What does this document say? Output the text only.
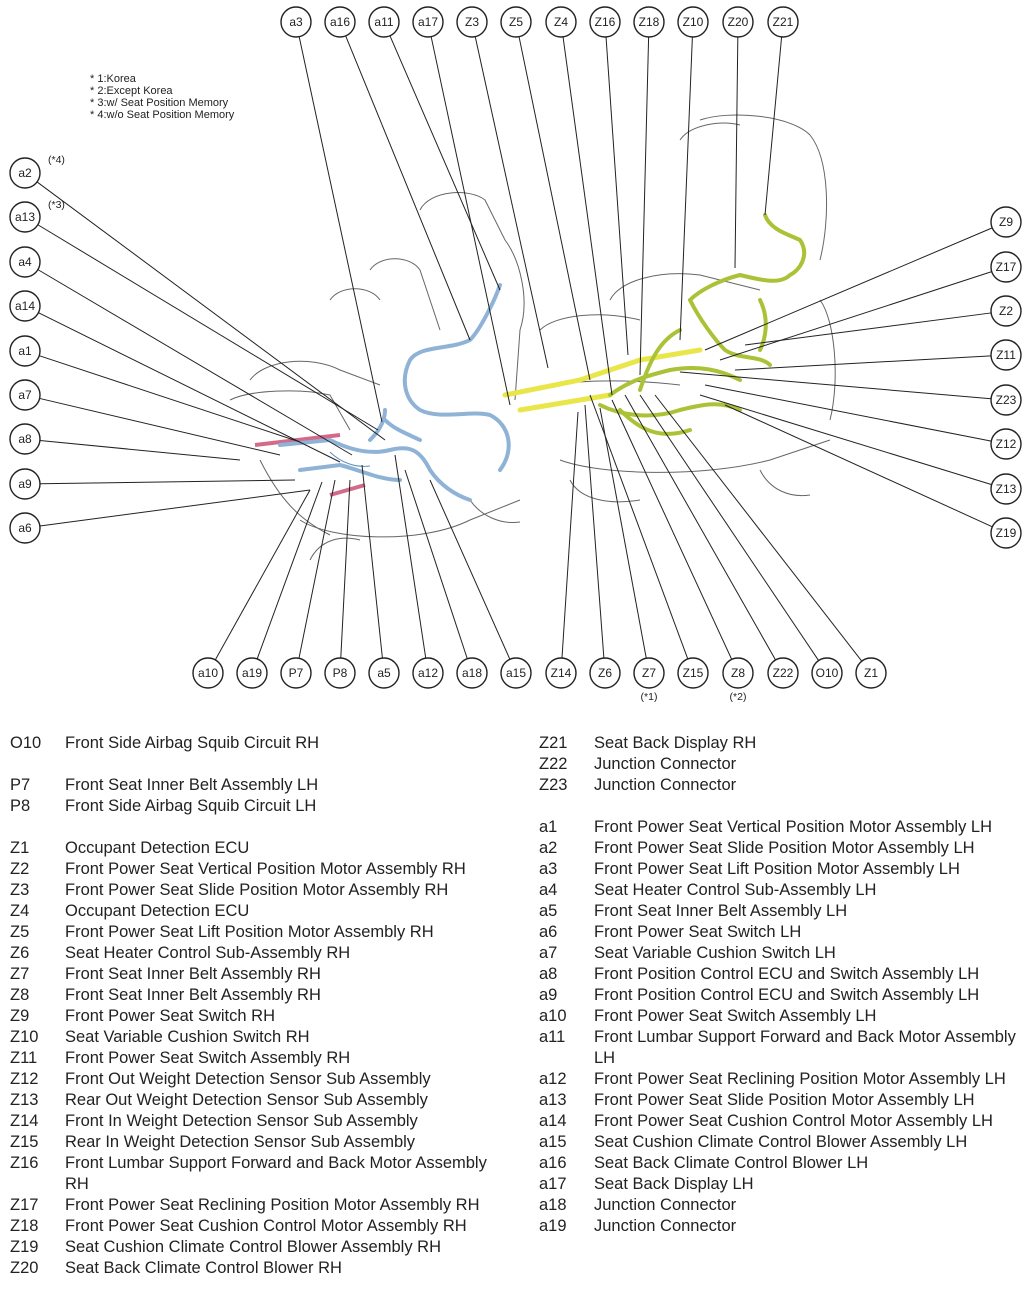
* 1:Korea
* 2:Except Korea
* 3:w/ Seat Position Memory
* 4:w/o Seat Position Memory
a3 a16 a11 a17 Z3 Z5	Z4 Z16 Z18 Z10 Z20 Z21
a2
a13
a4
a14
a1
a7
a8
a9
a6
Z9
Z17
Z2
Z11
Z23
Z12
Z13
Z19
a10 a19 P7 P8 a5 a12 a18 a15 Z14 Z6 Z7 Z15 Z8 Z22 O10 Z1
(*4)
(*3)
(*1)	(*2)
O10	Front Side Airbag Squib Circuit RH
P7	Front Seat Inner Belt Assembly LH
P8	Front Side Airbag Squib Circuit LH
Z1	Occupant Detection ECU
Z2	Front Power Seat Vertical Position Motor Assembly RH
Z3	Front Power Seat Slide Position Motor Assembly RH
Z4	Occupant Detection ECU
Z5	Front Power Seat Lift Position Motor Assembly RH
Z6	Seat Heater Control Sub-Assembly RH
Z7	Front Seat Inner Belt Assembly RH
Z8	Front Seat Inner Belt Assembly RH
Z9	Front Power Seat Switch RH
Z10	Seat Variable Cushion Switch RH
Z11	Front Power Seat Switch Assembly RH
Z12	Front Out Weight Detection Sensor Sub Assembly
Z13	Rear Out Weight Detection Sensor Sub Assembly
Z14	Front In Weight Detection Sensor Sub Assembly
Z15	Rear In Weight Detection Sensor Sub Assembly
Z16	Front Lumbar Support Forward and Back Motor Assembly RH
Z17	Front Power Seat Reclining Position Motor Assembly RH
Z18	Front Power Seat Cushion Control Motor Assembly RH
Z19	Seat Cushion Climate Control Blower Assembly RH
Z20	Seat Back Climate Control Blower RH
Z21	Seat Back Display RH
Z22	Junction Connector
Z23	Junction Connector
a1	Front Power Seat Vertical Position Motor Assembly LH
a2	Front Power Seat Slide Position Motor Assembly LH
a3	Front Power Seat Lift Position Motor Assembly LH
a4	Seat Heater Control Sub-Assembly LH
a5	Front Seat Inner Belt Assembly LH
a6	Front Power Seat Switch LH
a7	Seat Variable Cushion Switch LH
a8	Front Position Control ECU and Switch Assembly LH
a9	Front Position Control ECU and Switch Assembly LH
a10	Front Power Seat Switch Assembly LH
a11	Front Lumbar Support Forward and Back Motor Assembly LH
a12	Front Power Seat Reclining Position Motor Assembly LH
a13	Front Power Seat Slide Position Motor Assembly LH
a14	Front Power Seat Cushion Control Motor Assembly LH
a15	Seat Cushion Climate Control Blower Assembly LH
a16	Seat Back Climate Control Blower LH
a17	Seat Back Display LH
a18	Junction Connector
a19	Junction Connector
